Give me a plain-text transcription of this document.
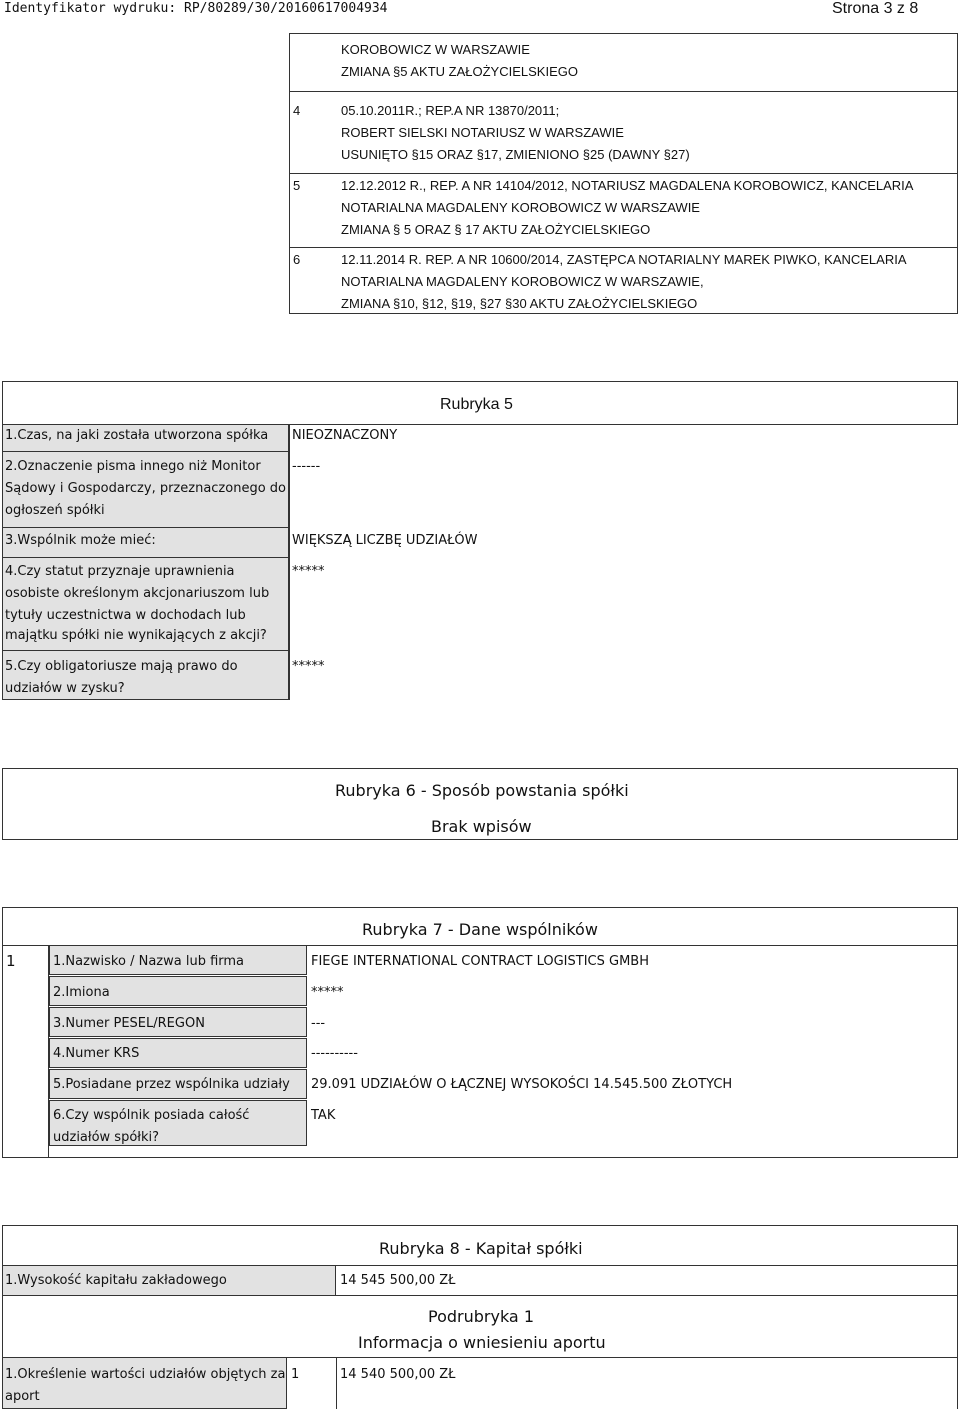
Identyfikator wydruku: RP/80289/30/20160617004934	Strona 3 z 8
KOROBOWICZ W WARSZAWIE
ZMIANA §5 AKTU ZAŁOŻYCIELSKIEGO
4	05.10.2011R.; REP.A NR 13870/2011;
ROBERT SIELSKI NOTARIUSZ W WARSZAWIE
USUNIĘTO §15 ORAZ §17, ZMIENIONO §25 (DAWNY §27)
5	12.12.2012 R., REP. A NR 14104/2012, NOTARIUSZ MAGDALENA KOROBOWICZ, KANCELARIA
NOTARIALNA MAGDALENY KOROBOWICZ W WARSZAWIE
ZMIANA § 5 ORAZ § 17 AKTU ZAŁOŻYCIELSKIEGO
6	12.11.2014 R. REP. A NR 10600/2014, ZASTĘPCA NOTARIALNY MAREK PIWKO, KANCELARIA
NOTARIALNA MAGDALENY KOROBOWICZ W WARSZAWIE,
ZMIANA §10, §12, §19, §27 §30 AKTU ZAŁOŻYCIELSKIEGO
Rubryka 5
1.Czas, na jaki została utworzona spółka NIEOZNACZONY
2.Oznaczenie pisma innego niż Monitor
Sądowy i Gospodarczy, przeznaczonego do
ogłoszeń spółki
------
3.Wspólnik może mieć:	WIĘKSZĄ LICZBĘ UDZIAŁÓW
4.Czy statut przyznaje uprawnienia
osobiste określonym akcjonariuszom lub
tytuły uczestnictwa w dochodach lub
majątku spółki nie wynikających z akcji?
*****
5.Czy obligatoriusze mają prawo do
udziałów w zysku?
*****
Rubryka 6 - Sposób powstania spółki
Brak wpisów
Rubryka 7 - Dane wspólników
1	1.Nazwisko / Nazwa lub firma	FIEGE INTERNATIONAL CONTRACT LOGISTICS GMBH
2.Imiona	*****
3.Numer PESEL/REGON	---
4.Numer KRS	----------
5.Posiadane przez wspólnika udziały 29.091 UDZIAŁÓW O ŁĄCZNEJ WYSOKOŚCI 14.545.500 ZŁOTYCH
6.Czy wspólnik posiada całość
udziałów spółki?
TAK
Rubryka 8 - Kapitał spółki
1.Wysokość kapitału zakładowego	14 545 500,00 ZŁ
Podrubryka 1
Informacja o wniesieniu aportu
1.Określenie wartości udziałów objętych za
aport
1	14 540 500,00 ZŁ
